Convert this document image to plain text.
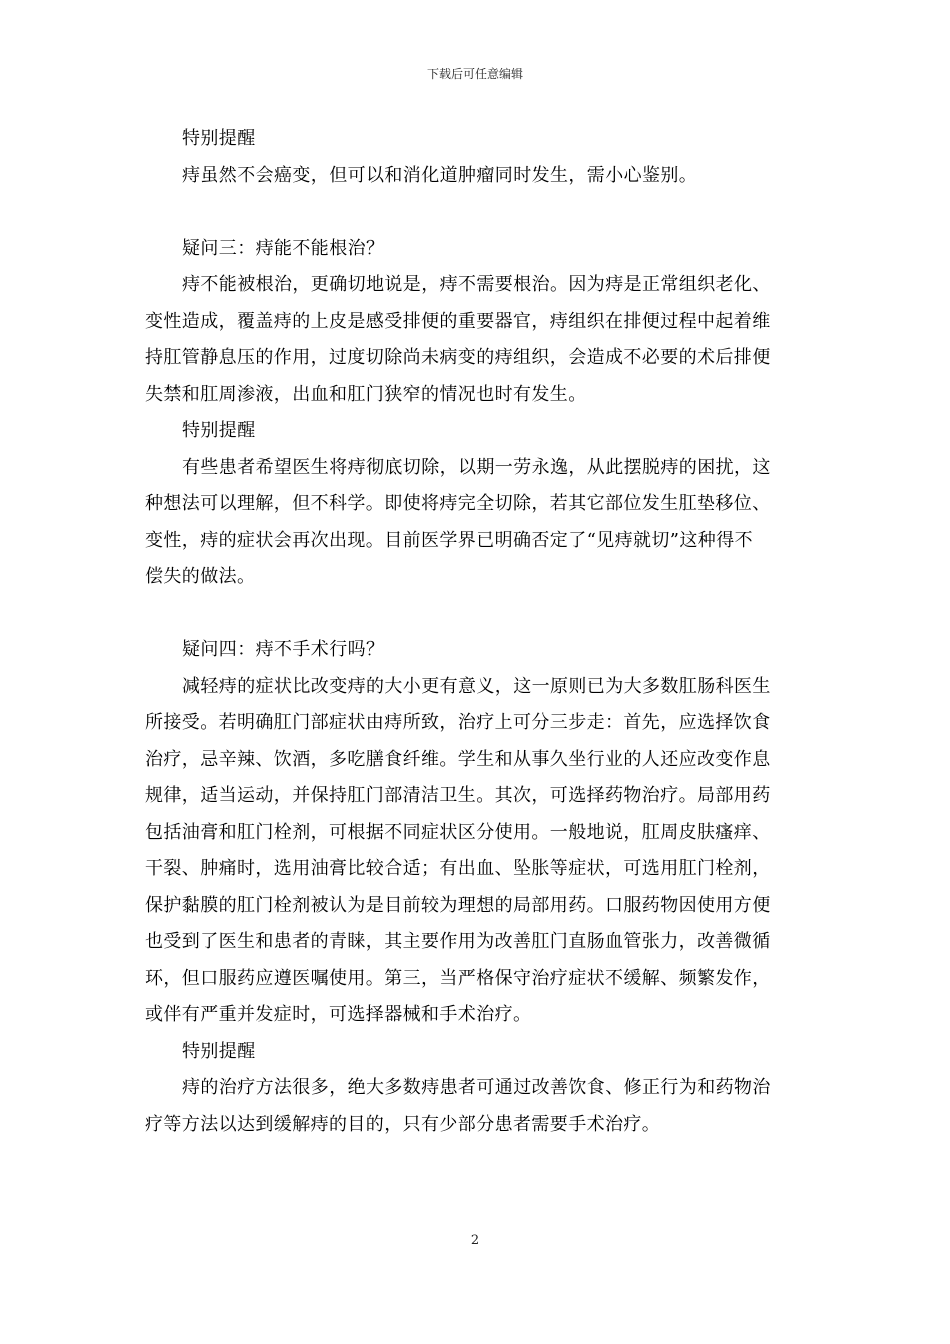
下载后可任意编辑
特别提醒
痔虽然不会癌变，但可以和消化道肿瘤同时发生，需小心鉴别。
疑问三：痔能不能根治？
痔不能被根治，更确切地说是，痔不需要根治。因为痔是正常组织老化、
变性造成，覆盖痔的上皮是感受排便的重要器官，痔组织在排便过程中起着维
持肛管静息压的作用，过度切除尚未病变的痔组织，会造成不必要的术后排便
失禁和肛周渗液，出血和肛门狭窄的情况也时有发生。
特别提醒
有些患者希望医生将痔彻底切除，以期一劳永逸，从此摆脱痔的困扰，这
种想法可以理解，但不科学。即使将痔完全切除，若其它部位发生肛垫移位、
变性，痔的症状会再次出现。目前医学界已明确否定了“见痔就切”这种得不
偿失的做法。
疑问四：痔不手术行吗？
减轻痔的症状比改变痔的大小更有意义，这一原则已为大多数肛肠科医生
所接受。若明确肛门部症状由痔所致，治疗上可分三步走：首先，应选择饮食
治疗，忌辛辣、饮酒，多吃膳食纤维。学生和从事久坐行业的人还应改变作息
规律，适当运动，并保持肛门部清洁卫生。其次，可选择药物治疗。局部用药
包括油膏和肛门栓剂，可根据不同症状区分使用。一般地说，肛周皮肤瘙痒、
干裂、肿痛时，选用油膏比较合适；有出血、坠胀等症状，可选用肛门栓剂，
保护黏膜的肛门栓剂被认为是目前较为理想的局部用药。口服药物因使用方便
也受到了医生和患者的青睐，其主要作用为改善肛门直肠血管张力，改善微循
环，但口服药应遵医嘱使用。第三，当严格保守治疗症状不缓解、频繁发作，
或伴有严重并发症时，可选择器械和手术治疗。
特别提醒
痔的治疗方法很多，绝大多数痔患者可通过改善饮食、修正行为和药物治
疗等方法以达到缓解痔的目的，只有少部分患者需要手术治疗。
2
